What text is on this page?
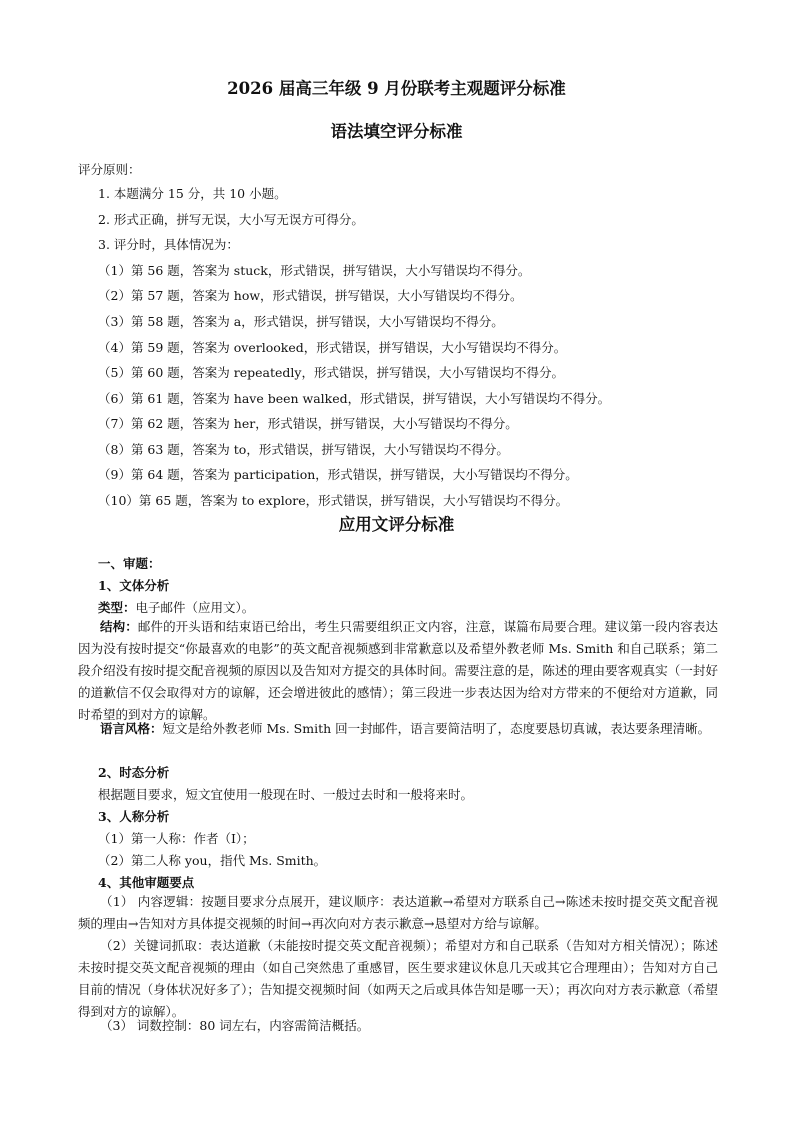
2026 届高三年级 9 月份联考主观题评分标准
语法填空评分标准
评分原则：
1. 本题满分 15 分，共 10 小题。
2. 形式正确，拼写无误，大小写无误方可得分。
3. 评分时，具体情况为：
（1）第 56 题，答案为 stuck，形式错误，拼写错误，大小写错误均不得分。
（2）第 57 题，答案为 how，形式错误，拼写错误，大小写错误均不得分。
（3）第 58 题，答案为 a，形式错误，拼写错误，大小写错误均不得分。
（4）第 59 题，答案为 overlooked，形式错误，拼写错误，大小写错误均不得分。
（5）第 60 题，答案为 repeatedly，形式错误，拼写错误，大小写错误均不得分。
（6）第 61 题，答案为 have been walked，形式错误，拼写错误，大小写错误均不得分。
（7）第 62 题，答案为 her，形式错误，拼写错误，大小写错误均不得分。
（8）第 63 题，答案为 to，形式错误，拼写错误，大小写错误均不得分。
（9）第 64 题，答案为 participation，形式错误，拼写错误，大小写错误均不得分。
（10）第 65 题，答案为 to explore，形式错误，拼写错误，大小写错误均不得分。
应用文评分标准
一、审题：
1、文体分析
类型：电子邮件（应用文）。
结构：邮件的开头语和结束语已给出，考生只需要组织正文内容，注意，谋篇布局要合理。建议第一段内容表达因为没有按时提交“你最喜欢的电影”的英文配音视频感到非常歉意以及希望外教老师 Ms. Smith 和自己联系；第二段介绍没有按时提交配音视频的原因以及告知对方提交的具体时间。需要注意的是，陈述的理由要客观真实（一封好的道歉信不仅会取得对方的谅解，还会增进彼此的感情）；第三段进一步表达因为给对方带来的不便给对方道歉，同时希望的到对方的谅解。
语言风格：短文是给外教老师 Ms. Smith 回一封邮件，语言要简洁明了，态度要恳切真诚，表达要条理清晰。
2、时态分析
根据题目要求，短文宜使用一般现在时、一般过去时和一般将来时。
3、人称分析
（1）第一人称：作者（I）；
（2）第二人称 you，指代 Ms. Smith。
4、其他审题要点
（1） 内容逻辑：按题目要求分点展开，建议顺序：表达道歉→希望对方联系自己→陈述未按时提交英文配音视频的理由→告知对方具体提交视频的时间→再次向对方表示歉意→恳望对方给与谅解。
（2）关键词抓取：表达道歉（未能按时提交英文配音视频）；希望对方和自己联系（告知对方相关情况）；陈述未按时提交英文配音视频的理由（如自己突然患了重感冒，医生要求建议休息几天或其它合理理由）；告知对方自己目前的情况（身体状况好多了）；告知提交视频时间（如两天之后或具体告知是哪一天）；再次向对方表示歉意（希望得到对方的谅解）。
（3） 词数控制：80 词左右，内容需简洁概括。
